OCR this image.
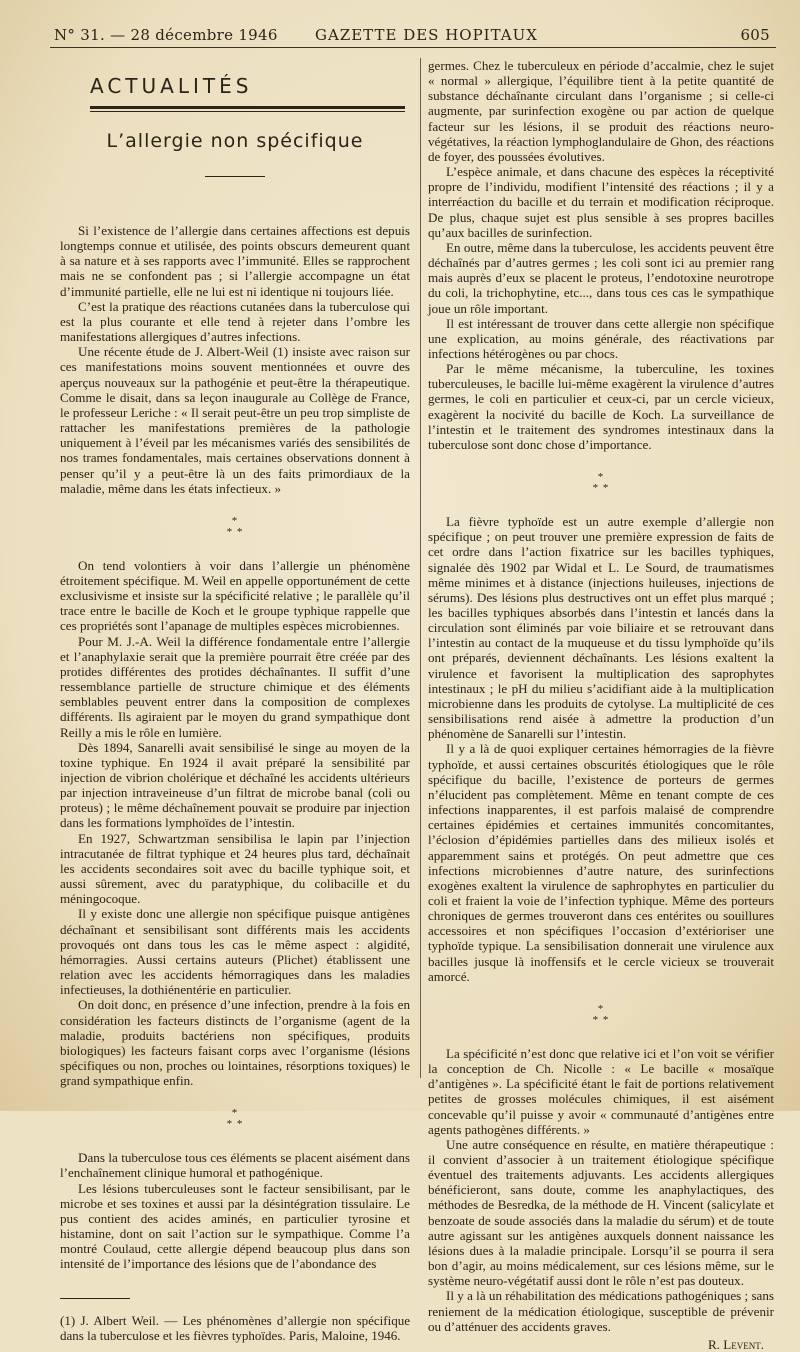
N° 31. — 28 décembre 1946 GAZETTE DES HOPITAUX	605
ACTUALITÉS
L’allergie non spécifique

Si l’existence de l’allergie dans certaines affections est depuis longtemps connue et utilisée, des points obscurs demeurent quant à sa nature et à ses rapports avec l’immunité. Elles se rapprochent mais ne se confondent pas ; si l’allergie accompagne un état d’immunité partielle, elle ne lui est ni identique ni toujours liée.

C’est la pratique des réactions cutanées dans la tuberculose qui est la plus courante et elle tend à rejeter dans l’ombre les manifestations allergiques d’autres infections.

Une récente étude de J. Albert-Weil (1) insiste avec raison sur ces manifestations moins souvent mentionnées et ouvre des aperçus nouveaux sur la pathogénie et peut-être la thérapeutique. Comme le disait, dans sa leçon inaugurale au Collège de France, le professeur Leriche : « Il serait peut-être un peu trop simpliste de rattacher les manifestations premières de la pathologie uniquement à l’éveil par les mécanismes variés des sensibilités de nos trames fondamentales, mais certaines observations donnent à penser qu’il y a peut-être là un des faits primordiaux de la maladie, même dans les états infectieux. »

*
* *

On tend volontiers à voir dans l’allergie un phénomène étroitement spécifique. M. Weil en appelle opportunément de cette exclusivisme et insiste sur la spécificité relative ; le parallèle qu’il trace entre le bacille de Koch et le groupe typhique rappelle que ces propriétés sont l’apanage de multiples espèces microbiennes.

Pour M. J.-A. Weil la différence fondamentale entre l’allergie et l’anaphylaxie serait que la première pourrait être créée par des protides différentes des protides déchaînantes. Il suffit d’une ressemblance partielle de structure chimique et des éléments semblables peuvent entrer dans la composition de complexes différents. Ils agiraient par le moyen du grand sympathique dont Reilly a mis le rôle en lumière.

Dès 1894, Sanarelli avait sensibilisé le singe au moyen de la toxine typhique. En 1924 il avait préparé la sensibilité par injection de vibrion cholérique et déchaîné les accidents ultérieurs par injection intraveineuse d’un filtrat de microbe banal (coli ou proteus) ; le même déchaînement pouvait se produire par injection dans les formations lymphoïdes de l’intestin.

En 1927, Schwartzman sensibilisa le lapin par l’injection intracutanée de filtrat typhique et 24 heures plus tard, déchaînait les accidents secondaires soit avec du bacille typhique soit, et aussi sûrement, avec du paratyphique, du colibacille et du méningocoque.

Il y existe donc une allergie non spécifique puisque antigènes déchaînant et sensibilisant sont différents mais les accidents provoqués ont dans tous les cas le même aspect : algidité, hémorragies. Aussi certains auteurs (Plichet) établissent une relation avec les accidents hémorragiques dans les maladies infectieuses, la dothiénentérie en particulier.

On doit donc, en présence d’une infection, prendre à la fois en considération les facteurs distincts de l’organisme (agent de la maladie, produits bactériens non spécifiques, produits biologiques) les facteurs faisant corps avec l’organisme (lésions spécifiques ou non, proches ou lointaines, résorptions toxiques) le grand sympathique enfin.

*
* *

Dans la tuberculose tous ces éléments se placent aisément dans l’enchaînement clinique humoral et pathogénique.

Les lésions tuberculeuses sont le facteur sensibilisant, par le microbe et ses toxines et aussi par la désintégration tissulaire. Le pus contient des acides aminés, en particulier tyrosine et histamine, dont on sait l’action sur le sympathique. Comme l’a montré Coulaud, cette allergie dépend beaucoup plus dans son intensité de l’importance des lésions que de l’abondance des

(1) J. Albert Weil. — Les phénomènes d’allergie non spécifique dans la tuberculose et les fièvres typhoïdes. Paris, Maloine, 1946.

germes. Chez le tuberculeux en période d’accalmie, chez le sujet « normal » allergique, l’équilibre tient à la petite quantité de substance déchaînante circulant dans l’organisme ; si celle-ci augmente, par surinfection exogène ou par action de quelque facteur sur les lésions, il se produit des réactions neuro-végétatives, la réaction lymphoglandulaire de Ghon, des réactions de foyer, des poussées évolutives.

L’espèce animale, et dans chacune des espèces la réceptivité propre de l’individu, modifient l’intensité des réactions ; il y a interréaction du bacille et du terrain et modification réciproque. De plus, chaque sujet est plus sensible à ses propres bacilles qu’aux bacilles de surinfection.

En outre, même dans la tuberculose, les accidents peuvent être déchaînés par d’autres germes ; les coli sont ici au premier rang mais auprès d’eux se placent le proteus, l’endotoxine neurotrope du coli, la trichophytine, etc..., dans tous ces cas le sympathique joue un rôle important.

Il est intéressant de trouver dans cette allergie non spécifique une explication, au moins générale, des réactivations par infections hétérogènes ou par chocs.

Par le même mécanisme, la tuberculine, les toxines tuberculeuses, le bacille lui-même exagèrent la virulence d’autres germes, le coli en particulier et ceux-ci, par un cercle vicieux, exagèrent la nocivité du bacille de Koch. La surveillance de l’intestin et le traitement des syndromes intestinaux dans la tuberculose sont donc chose d’importance.

*
* *

La fièvre typhoïde est un autre exemple d’allergie non spécifique ; on peut trouver une première expression de faits de cet ordre dans l’action fixatrice sur les bacilles typhiques, signalée dès 1902 par Widal et L. Le Sourd, de traumatismes même minimes et à distance (injections huileuses, injections de sérums). Des lésions plus destructives ont un effet plus marqué ; les bacilles typhiques absorbés dans l’intestin et lancés dans la circulation sont éliminés par voie biliaire et se retrouvant dans l’intestin au contact de la muqueuse et du tissu lymphoïde qu’ils ont préparés, deviennent déchaînants. Les lésions exaltent la virulence et favorisent la multiplication des saprophytes intestinaux ; le pH du milieu s’acidifiant aide à la multiplication microbienne dans les produits de cytolyse. La multiplicité de ces sensibilisations rend aisée à admettre la production d’un phénomène de Sanarelli sur l’intestin.

Il y a là de quoi expliquer certaines hémorragies de la fièvre typhoïde, et aussi certaines obscurités étiologiques que le rôle spécifique du bacille, l’existence de porteurs de germes n’élucident pas complètement. Même en tenant compte de ces infections inapparentes, il est parfois malaisé de comprendre certaines épidémies et certaines immunités concomitantes, l’éclosion d’épidémies partielles dans des milieux isolés et apparemment sains et protégés. On peut admettre que ces infections microbiennes d’autre nature, des surinfections exogènes exaltent la virulence de saphrophytes en particulier du coli et fraient la voie de l’infection typhique. Même des porteurs chroniques de germes trouveront dans ces entérites ou souillures accessoires et non spécifiques l’occasion d’extérioriser une typhoïde typique. La sensibilisation donnerait une virulence aux bacilles jusque là inoffensifs et le cercle vicieux se trouverait amorcé.

*
* *

La spécificité n’est donc que relative ici et l’on voit se vérifier la conception de Ch. Nicolle : « Le bacille « mosaïque d’antigènes ». La spécificité étant le fait de portions relativement petites de grosses molécules chimiques, il est aisément concevable qu’il puisse y avoir « communauté d’antigènes entre agents pathogènes différents. »

Une autre conséquence en résulte, en matière thérapeutique : il convient d’associer à un traitement étiologique spécifique éventuel des traitements adjuvants. Les accidents allergiques bénéficieront, sans doute, comme les anaphylactiques, des méthodes de Besredka, de la méthode de H. Vincent (salicylate et benzoate de soude associés dans la maladie du sérum) et de toute autre agissant sur les antigènes auxquels donnent naissance les lésions dues à la maladie principale. Lorsqu’il se pourra il sera bon d’agir, au moins médicalement, sur ces lésions même, sur le système neuro-végétatif aussi dont le rôle n’est pas douteux.

Il y a là un réhabilitation des médications pathogéniques ; sans reniement de la médication étiologique, susceptible de prévenir ou d’atténuer des accidents graves.

R. Levent.
